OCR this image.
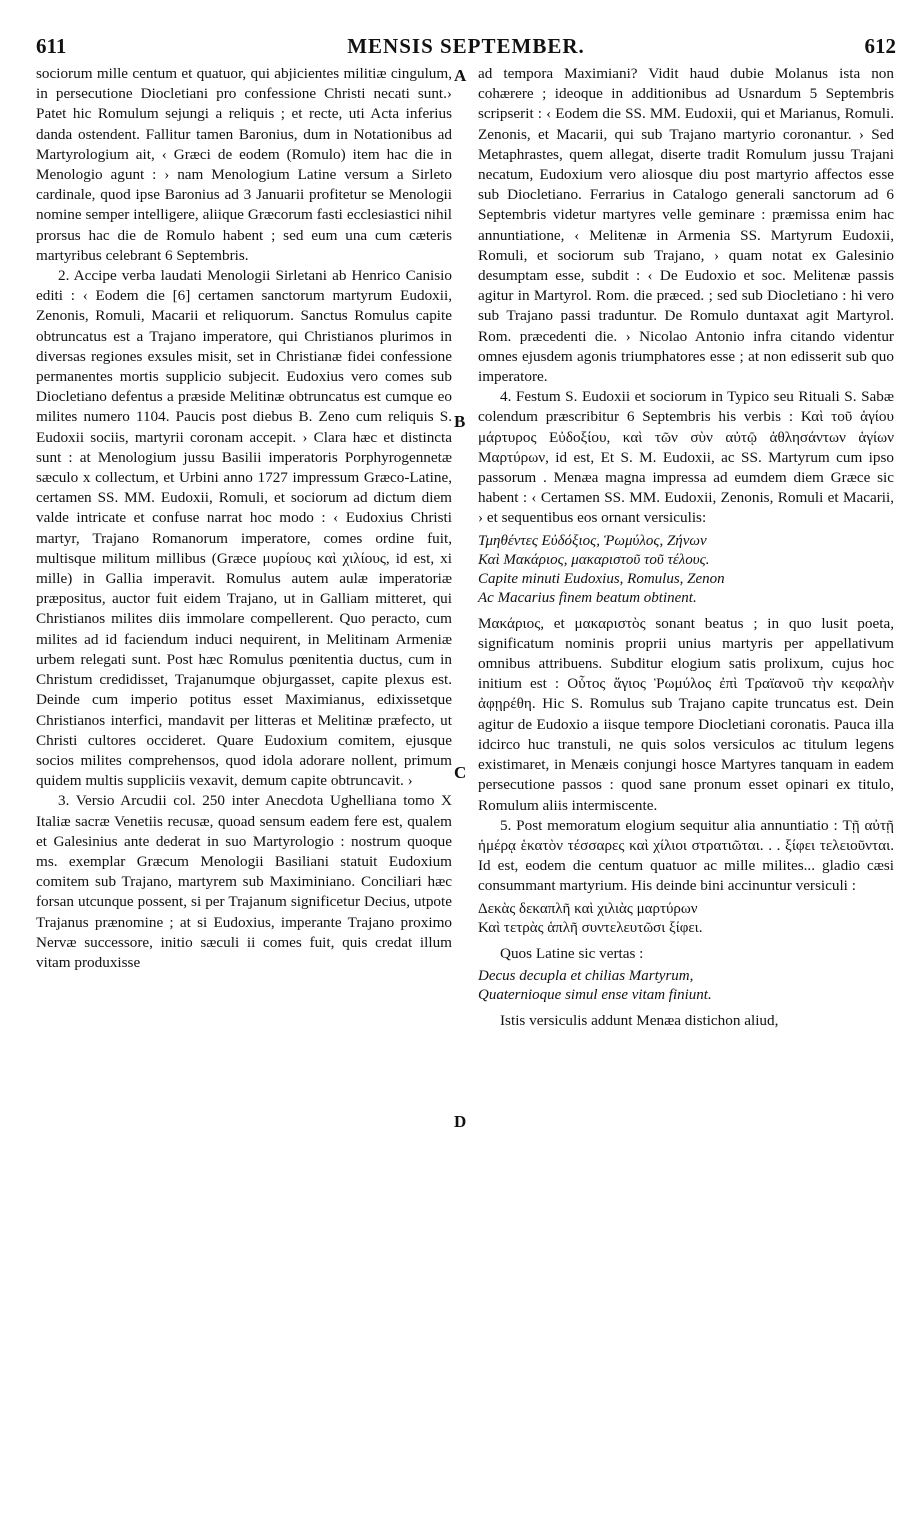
611	MENSIS SEPTEMBER.	612
A
B
C
D

sociorum mille centum et quatuor, qui abjicientes militiæ cingulum, in persecutione Diocletiani pro confessione Christi necati sunt.› Patet hic Romulum sejungi a reliquis ; et recte, uti Acta inferius danda ostendent. Fallitur tamen Baronius, dum in Notationibus ad Martyrologium ait, ‹ Græci de eodem (Romulo) item hac die in Menologio agunt : › nam Menologium Latine versum a Sirleto cardinale, quod ipse Baronius ad 3 Januarii profitetur se Menologii nomine semper intelligere, aliique Græcorum fasti ecclesiastici nihil prorsus hac die de Romulo habent ; sed eum una cum cæteris martyribus celebrant 6 Septembris.

2. Accipe verba laudati Menologii Sirletani ab Henrico Canisio editi : ‹ Eodem die [6] certamen sanctorum martyrum Eudoxii, Zenonis, Romuli, Macarii et reliquorum. Sanctus Romulus capite obtruncatus est a Trajano imperatore, qui Christianos plurimos in diversas regiones exsules misit, set in Christianæ fidei confessione permanentes mortis supplicio subjecit. Eudoxius vero comes sub Diocletiano defentus a præside Melitinæ obtruncatus est cumque eo milites numero 1104. Paucis post diebus B. Zeno cum reliquis S. Eudoxii sociis, martyrii coronam accepit. › Clara hæc et distincta sunt : at Menologium jussu Basilii imperatoris Porphyrogennetæ sæculo x collectum, et Urbini anno 1727 impressum Græco-Latine, certamen SS. MM. Eudoxii, Romuli, et sociorum ad dictum diem valde intricate et confuse narrat hoc modo : ‹ Eudoxius Christi martyr, Trajano Romanorum imperatore, comes ordine fuit, multisque militum millibus (Græce μυρίους καὶ χιλίους, id est, xi mille) in Gallia imperavit. Romulus autem aulæ imperatoriæ præpositus, auctor fuit eidem Trajano, ut in Galliam mitteret, qui Christianos milites diis immolare compellerent. Quo peracto, cum milites ad id faciendum induci nequirent, in Melitinam Armeniæ urbem relegati sunt. Post hæc Romulus pœnitentia ductus, cum in Christum credidisset, Trajanumque objurgasset, capite plexus est. Deinde cum imperio potitus esset Maximianus, edixissetque Christianos interfici, mandavit per litteras et Melitinæ præfecto, ut Christi cultores occideret. Quare Eudoxium comitem, ejusque socios milites comprehensos, quod idola adorare nollent, primum quidem multis suppliciis vexavit, demum capite obtruncavit. ›

3. Versio Arcudii col. 250 inter Anecdota Ughelliana tomo X Italiæ sacræ Venetiis recusæ, quoad sensum eadem fere est, qualem et Galesinius ante dederat in suo Martyrologio : nostrum quoque ms. exemplar Græcum Menologii Basiliani statuit Eudoxium comitem sub Trajano, martyrem sub Maximiniano. Conciliari hæc forsan utcunque possent, si per Trajanum significetur Decius, utpote Trajanus prænomine ; at si Eudoxius, imperante Trajano proximo Nervæ successore, initio sæculi ii comes fuit, quis credat illum vitam produxisse

ad tempora Maximiani? Vidit haud dubie Molanus ista non cohærere ; ideoque in additionibus ad Usnardum 5 Septembris scripserit : ‹ Eodem die SS. MM. Eudoxii, qui et Marianus, Romuli. Zenonis, et Macarii, qui sub Trajano martyrio coronantur. › Sed Metaphrastes, quem allegat, diserte tradit Romulum jussu Trajani necatum, Eudoxium vero aliosque diu post martyrio affectos esse sub Diocletiano. Ferrarius in Catalogo generali sanctorum ad 6 Septembris videtur martyres velle geminare : præmissa enim hac annuntiatione, ‹ Melitenæ in Armenia SS. Martyrum Eudoxii, Romuli, et sociorum sub Trajano, › quam notat ex Galesinio desumptam esse, subdit : ‹ De Eudoxio et soc. Melitenæ passis agitur in Martyrol. Rom. die præced. ; sed sub Diocletiano : hi vero sub Trajano passi traduntur. De Romulo duntaxat agit Martyrol. Rom. præcedenti die. › Nicolao Antonio infra citando videntur omnes ejusdem agonis triumphatores esse ; at non edisserit sub quo imperatore.

4. Festum S. Eudoxii et sociorum in Typico seu Rituali S. Sabæ colendum præscribitur 6 Septembris his verbis : Καὶ τοῦ ἁγίου μάρτυρος Εὐδοξίου, καὶ τῶν σὺν αὐτῷ ἀθλησάντων ἁγίων Μαρτύρων, id est, Et S. M. Eudoxii, ac SS. Martyrum cum ipso passorum . Menæa magna impressa ad eumdem diem Græce sic habent : ‹ Certamen SS. MM. Eudoxii, Zenonis, Romuli et Macarii, › et sequentibus eos ornant versiculis:

Τμηθέντες Εὐδόξιος, Ῥωμύλος, Ζήνων
Καὶ Μακάριος, μακαριστοῦ τοῦ τέλους.
Capite minuti Eudoxius, Romulus, Zenon
Ac Macarius finem beatum obtinent.

Μακάριος, et μακαριστὸς sonant beatus ; in quo lusit poeta, significatum nominis proprii unius martyris per appellativum omnibus attribuens. Subditur elogium satis prolixum, cujus hoc initium est : Οὗτος ἅγιος Ῥωμύλος ἐπὶ Τραϊανοῦ τὴν κεφαλὴν ἀφῃρέθη. Hic S. Romulus sub Trajano capite truncatus est. Dein agitur de Eudoxio a iisque tempore Diocletiani coronatis. Pauca illa idcirco huc transtuli, ne quis solos versiculos ac titulum legens existimaret, in Menæis conjungi hosce Martyres tanquam in eadem persecutione passos : quod sane pronum esset opinari ex titulo, Romulum aliis intermiscente.

5. Post memoratum elogium sequitur alia annuntiatio : Τῇ αὐτῇ ἡμέρᾳ ἑκατὸν τέσσαρες καὶ χίλιοι στρατιῶται. . . ξίφει τελειοῦνται. Id est, eodem die centum quatuor ac mille milites... gladio cæsi consummant martyrium. His deinde bini accinuntur versiculi :

Δεκὰς δεκαπλῆ καὶ χιλιὰς μαρτύρων
Καὶ τετρὰς ἁπλῆ συντελευτῶσι ξίφει.

Quos Latine sic vertas :

Decus decupla et chilias Martyrum,
Quaternioque simul ense vitam finiunt.

Istis versiculis addunt Menæa distichon aliud,
